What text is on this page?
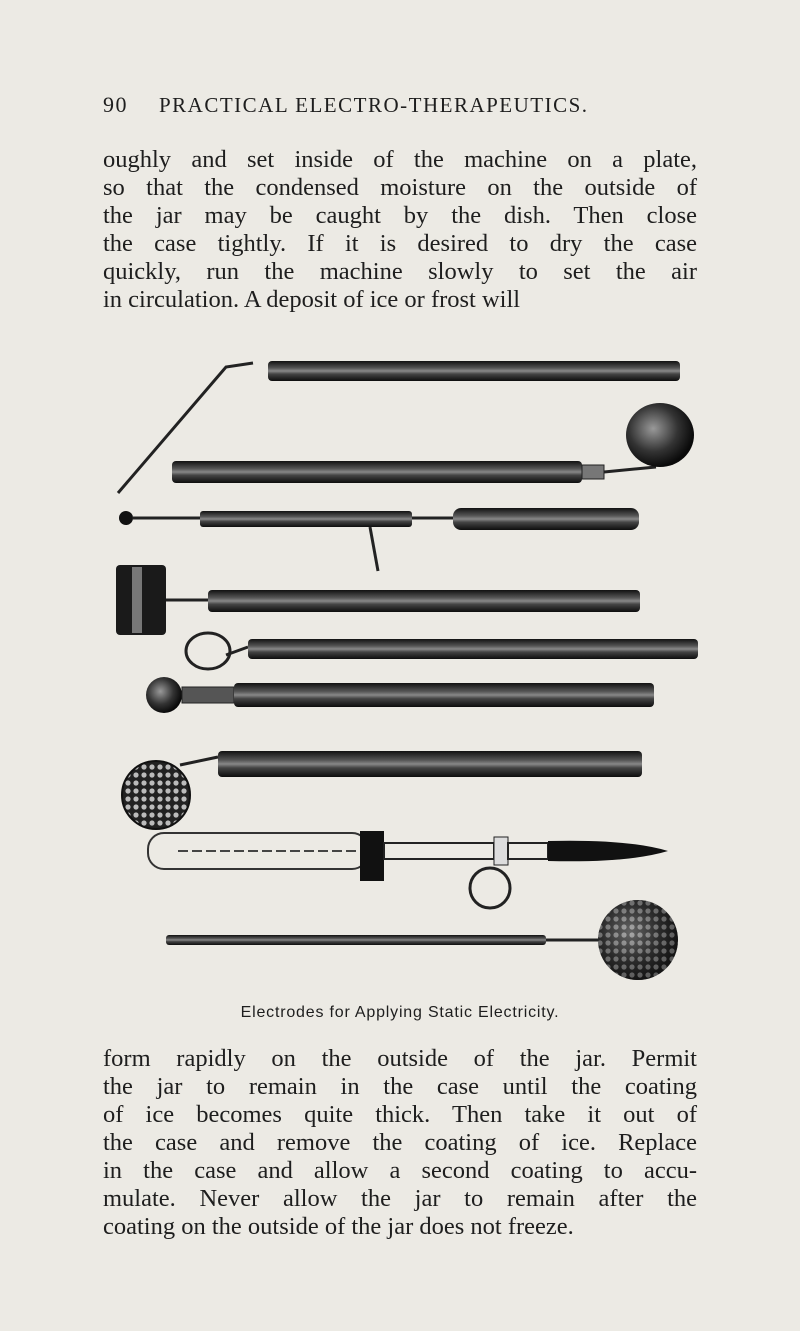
90 PRACTICAL ELECTRO-THERAPEUTICS.
oughly and set inside of the machine on a plate,
so that the condensed moisture on the outside of
the jar may be caught by the dish. Then close
the case tightly. If it is desired to dry the case
quickly, run the machine slowly to set the air
in circulation. A deposit of ice or frost will
Electrodes for Applying Static Electricity.
form rapidly on the outside of the jar. Permit
the jar to remain in the case until the coating
of ice becomes quite thick. Then take it out of
the case and remove the coating of ice. Replace
in the case and allow a second coating to accu-
mulate. Never allow the jar to remain after the
coating on the outside of the jar does not freeze.
